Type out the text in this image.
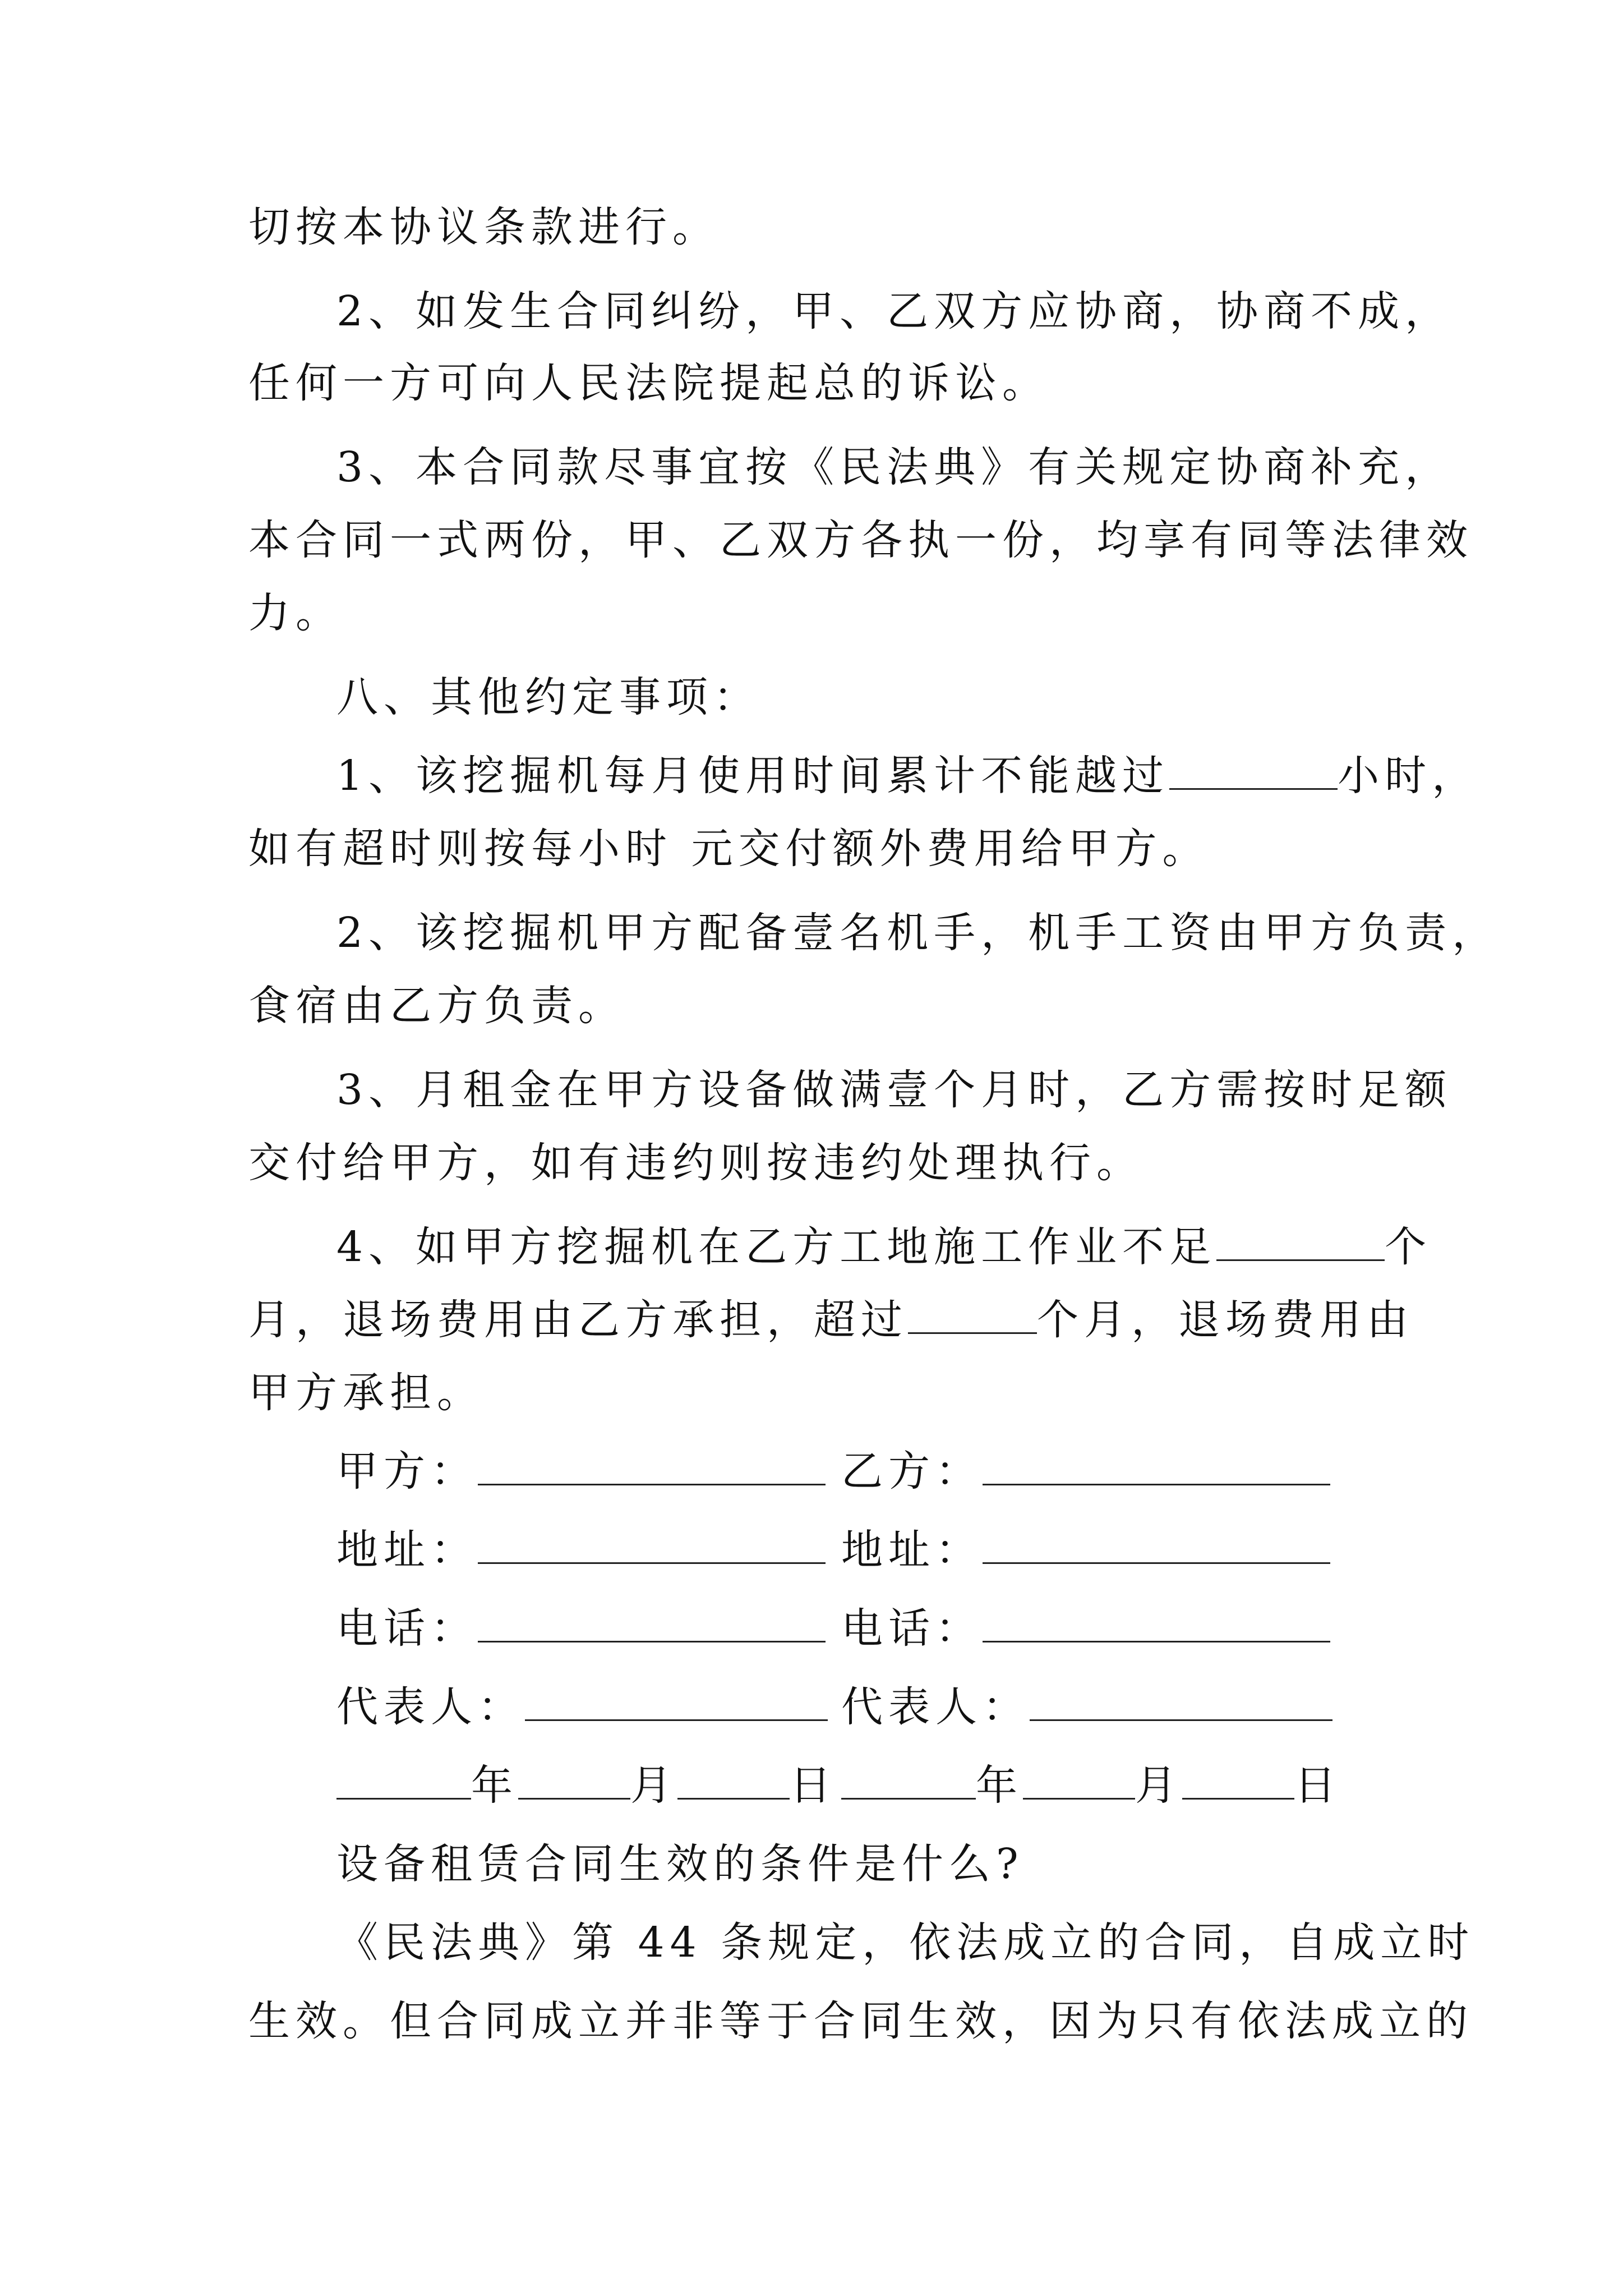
切按本协议条款进行。
2、如发生合同纠纷，甲、乙双方应协商，协商不成，
任何一方可向人民法院提起总的诉讼。
3、本合同款尽事宜按《民法典》有关规定协商补充，
本合同一式两份，甲、乙双方各执一份，均享有同等法律效
力。
八、其他约定事项：
1、该挖掘机每月使用时间累计不能越过	小时，
如有超时则按每小时 元交付额外费用给甲方。
2、该挖掘机甲方配备壹名机手，机手工资由甲方负责，
食宿由乙方负责。
3、月租金在甲方设备做满壹个月时，乙方需按时足额
交付给甲方，如有违约则按违约处理执行。
4、如甲方挖掘机在乙方工地施工作业不足	个
月，退场费用由乙方承担，超过	个月，退场费用由
甲方承担。
甲方：	乙方：
地址：	地址：
电话：	电话：
代表人：	代表人：
年	月	日	年	月	日
设备租赁合同生效的条件是什么?
《民法典》第 44 条规定，依法成立的合同，自成立时
生效。但合同成立并非等于合同生效，因为只有依法成立的
